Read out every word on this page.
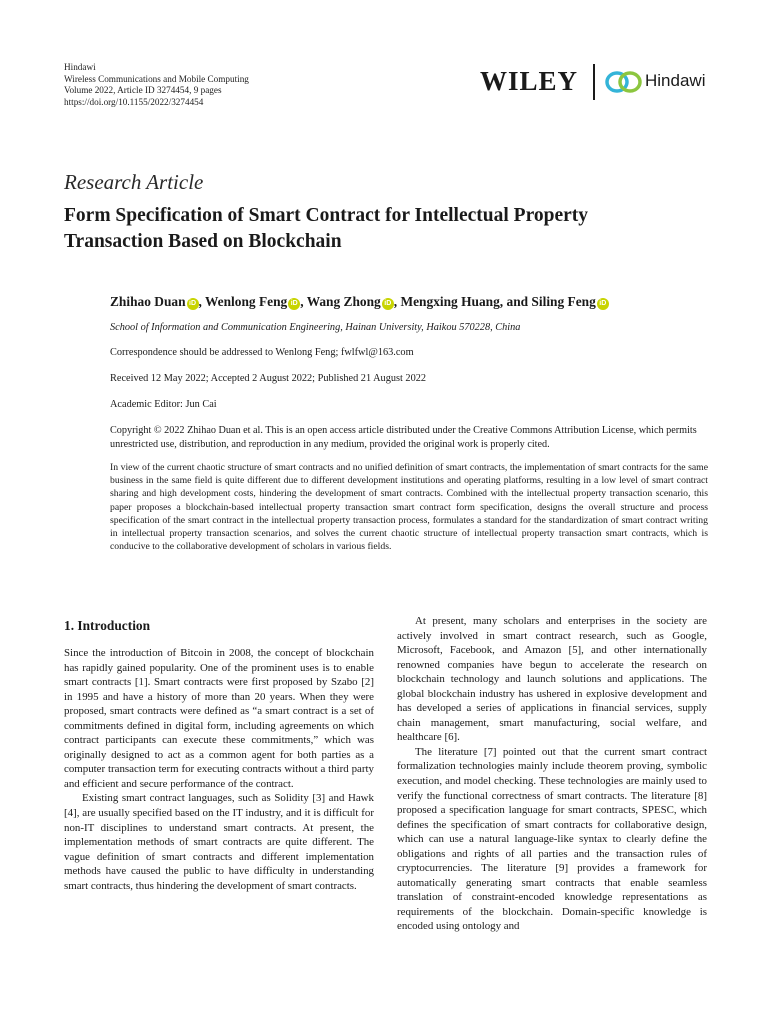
Hindawi
Wireless Communications and Mobile Computing
Volume 2022, Article ID 3274454, 9 pages
https://doi.org/10.1155/2022/3274454
WILEY	Hindawi
Research Article
Form Specification of Smart Contract for Intellectual Property
Transaction Based on Blockchain
Zhihao Duan iD , Wenlong Feng iD , Wang Zhong iD , Mengxing Huang, and Siling Feng iD
School of Information and Communication Engineering, Hainan University, Haikou 570228, China
Correspondence should be addressed to Wenlong Feng; fwlfwl@163.com
Received 12 May 2022; Accepted 2 August 2022; Published 21 August 2022
Academic Editor: Jun Cai
Copyright © 2022 Zhihao Duan et al. This is an open access article distributed under the Creative Commons Attribution License, which permits unrestricted use, distribution, and reproduction in any medium, provided the original work is properly cited.
In view of the current chaotic structure of smart contracts and no unified definition of smart contracts, the implementation of smart contracts for the same business in the same field is quite different due to different development institutions and operating platforms, resulting in a low level of smart contract sharing and high development costs, hindering the development of smart contracts. Combined with the intellectual property transaction scenario, this paper proposes a blockchain-based intellectual property transaction smart contract form specification, designs the overall structure and process specification of the smart contract in the intellectual property transaction process, formulates a standard for the standardization of smart contract writing in intellectual property transaction scenarios, and solves the current chaotic structure of intellectual property transaction smart contracts, which is conducive to the collaborative development of scholars in various fields.
1. Introduction

Since the introduction of Bitcoin in 2008, the concept of blockchain has rapidly gained popularity. One of the prominent uses is to enable smart contracts [1]. Smart contracts were first proposed by Szabo [2] in 1995 and have a history of more than 20 years. When they were proposed, smart contracts were defined as “a smart contract is a set of commitments defined in digital form, including agreements on which contract participants can execute these commitments,” which was originally designed to act as a common agent for both parties as a computer transaction term for executing contracts without a third party and efficient and secure performance of the contract.

Existing smart contract languages, such as Solidity [3] and Hawk [4], are usually specified based on the IT industry, and it is difficult for non-IT disciplines to understand smart contracts. At present, the implementation methods of smart contracts are quite different. The vague definition of smart contracts and different implementation methods have caused the public to have difficulty in understanding smart contracts, thus hindering the development of smart contracts.

At present, many scholars and enterprises in the society are actively involved in smart contract research, such as Google, Microsoft, Facebook, and Amazon [5], and other internationally renowned companies have begun to accelerate the research on blockchain technology and launch solutions and applications. The global blockchain industry has ushered in explosive development and has developed a series of applications in financial services, supply chain management, smart manufacturing, social welfare, and healthcare [6].

The literature [7] pointed out that the current smart contract formalization technologies mainly include theorem proving, symbolic execution, and model checking. These technologies are mainly used to verify the functional correctness of smart contracts. The literature [8] proposed a specification language for smart contracts, SPESC, which defines the specification of smart contracts for collaborative design, which can use a natural language-like syntax to clearly define the obligations and rights of all parties and the transaction rules of cryptocurrencies. The literature [9] provides a framework for automatically generating smart contracts that enable seamless translation of constraint-encoded knowledge representations as requirements of the blockchain. Domain-specific knowledge is encoded using ontology and
